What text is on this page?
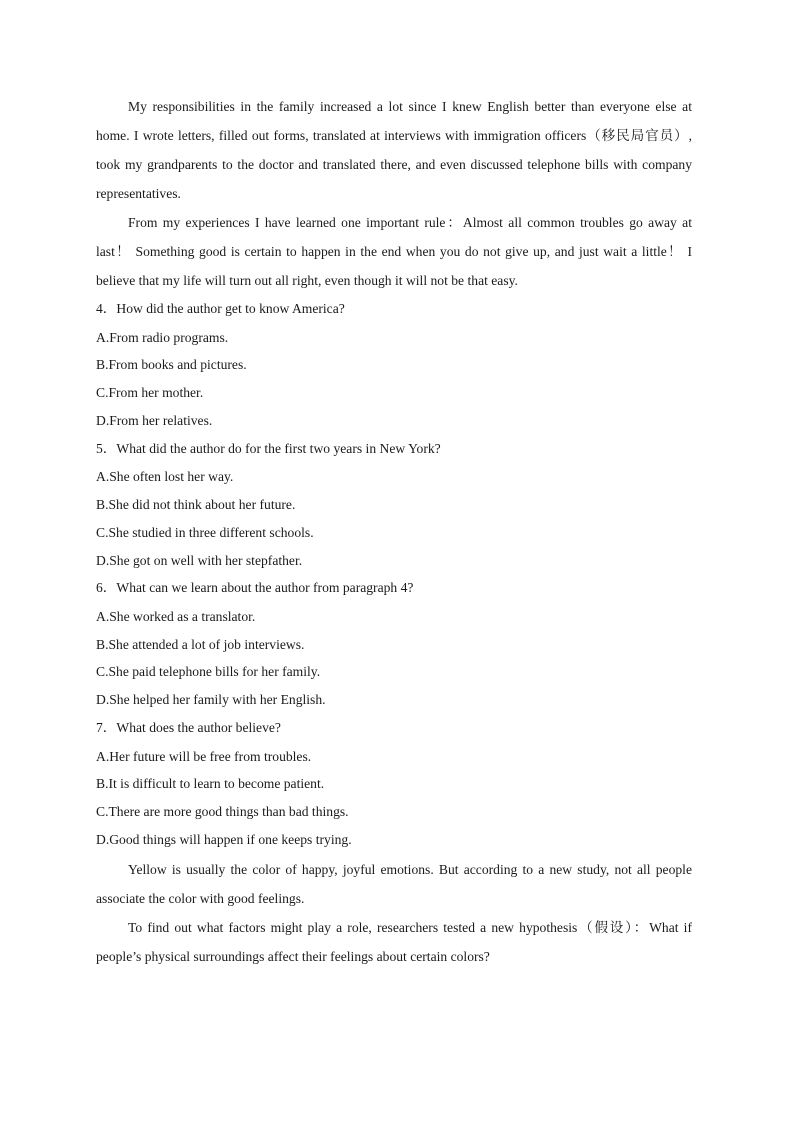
My responsibilities in the family increased a lot since I knew English better than everyone else at home. I wrote letters, filled out forms, translated at interviews with immigration officers（移民局官员）, took my grandparents to the doctor and translated there, and even discussed telephone bills with company representatives.

From my experiences I have learned one important rule：Almost all common troubles go away at last！ Something good is certain to happen in the end when you do not give up, and just wait a little！ I believe that my life will turn out all right, even though it will not be that easy.

4．How did the author get to know America?

A.From radio programs.

B.From books and pictures.

C.From her mother.

D.From her relatives.

5．What did the author do for the first two years in New York?

A.She often lost her way.

B.She did not think about her future.

C.She studied in three different schools.

D.She got on well with her stepfather.

6．What can we learn about the author from paragraph 4?

A.She worked as a translator.

B.She attended a lot of job interviews.

C.She paid telephone bills for her family.

D.She helped her family with her English.

7．What does the author believe?

A.Her future will be free from troubles.

B.It is difficult to learn to become patient.

C.There are more good things than bad things.

D.Good things will happen if one keeps trying.

Yellow is usually the color of happy, joyful emotions. But according to a new study, not all people associate the color with good feelings.

To find out what factors might play a role, researchers tested a new hypothesis（假设）：What if people’s physical surroundings affect their feelings about certain colors?
